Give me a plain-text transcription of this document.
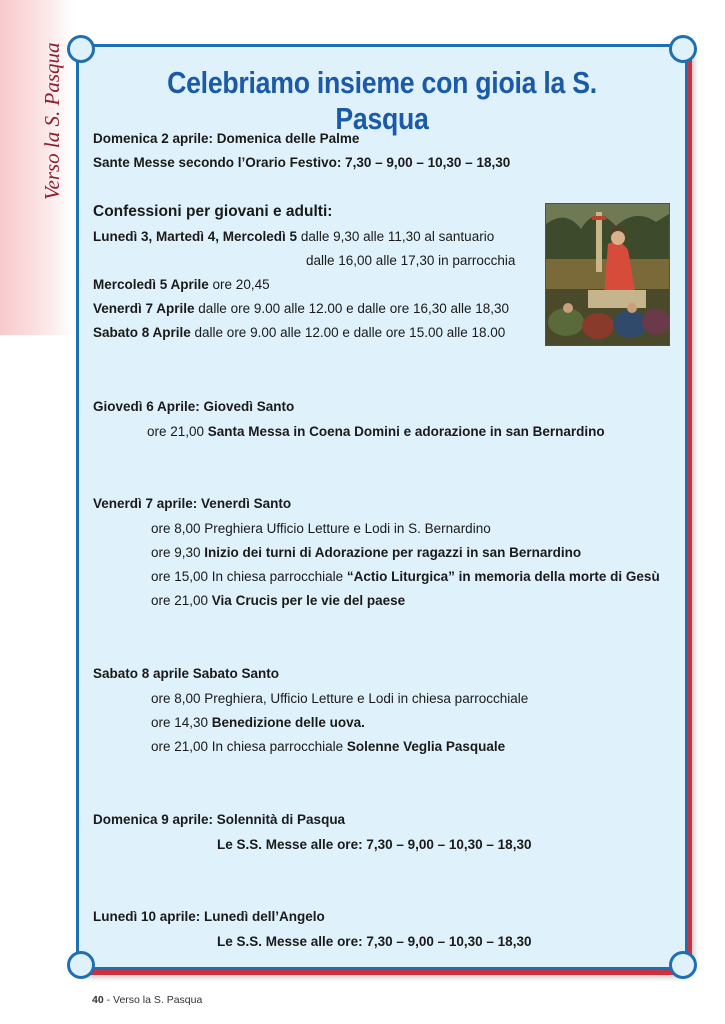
Verso la S. Pasqua	Celebriamo insieme con gioia la S. Pasqua
Domenica 2 aprile: Domenica delle Palme
Sante Messe secondo l’Orario Festivo: 7,30 – 9,00 – 10,30 – 18,30
Confessioni per giovani e adulti:
Lunedì 3, Martedì 4, Mercoledì 5 dalle 9,30 alle 11,30 al santuario
dalle 16,00 alle 17,30 in parrocchia
Mercoledì 5 Aprile ore 20,45
Venerdì 7 Aprile dalle ore 9.00 alle 12.00 e dalle ore 16,30 alle 18,30
Sabato 8 Aprile dalle ore 9.00 alle 12.00 e dalle ore 15.00 alle 18.00
Giovedì 6 Aprile: Giovedì Santo
ore 21,00 Santa Messa in Coena Domini e adorazione in san Bernardino
Venerdì 7 aprile: Venerdì Santo
ore 8,00 Preghiera Ufficio Letture e Lodi in S. Bernardino
ore 9,30 Inizio dei turni di Adorazione per ragazzi in san Bernardino
ore 15,00 In chiesa parrocchiale “Actio Liturgica” in memoria della morte di Gesù
ore 21,00 Via Crucis per le vie del paese
Sabato 8 aprile Sabato Santo
ore 8,00 Preghiera, Ufficio Letture e Lodi in chiesa parrocchiale
ore 14,30 Benedizione delle uova.
ore 21,00 In chiesa parrocchiale Solenne Veglia Pasquale
Domenica 9 aprile: Solennità di Pasqua
Le S.S. Messe alle ore: 7,30 – 9,00 – 10,30 – 18,30
Lunedì 10 aprile: Lunedì dell’Angelo
Le S.S. Messe alle ore: 7,30 – 9,00 – 10,30 – 18,30
40 - Verso la S. Pasqua
